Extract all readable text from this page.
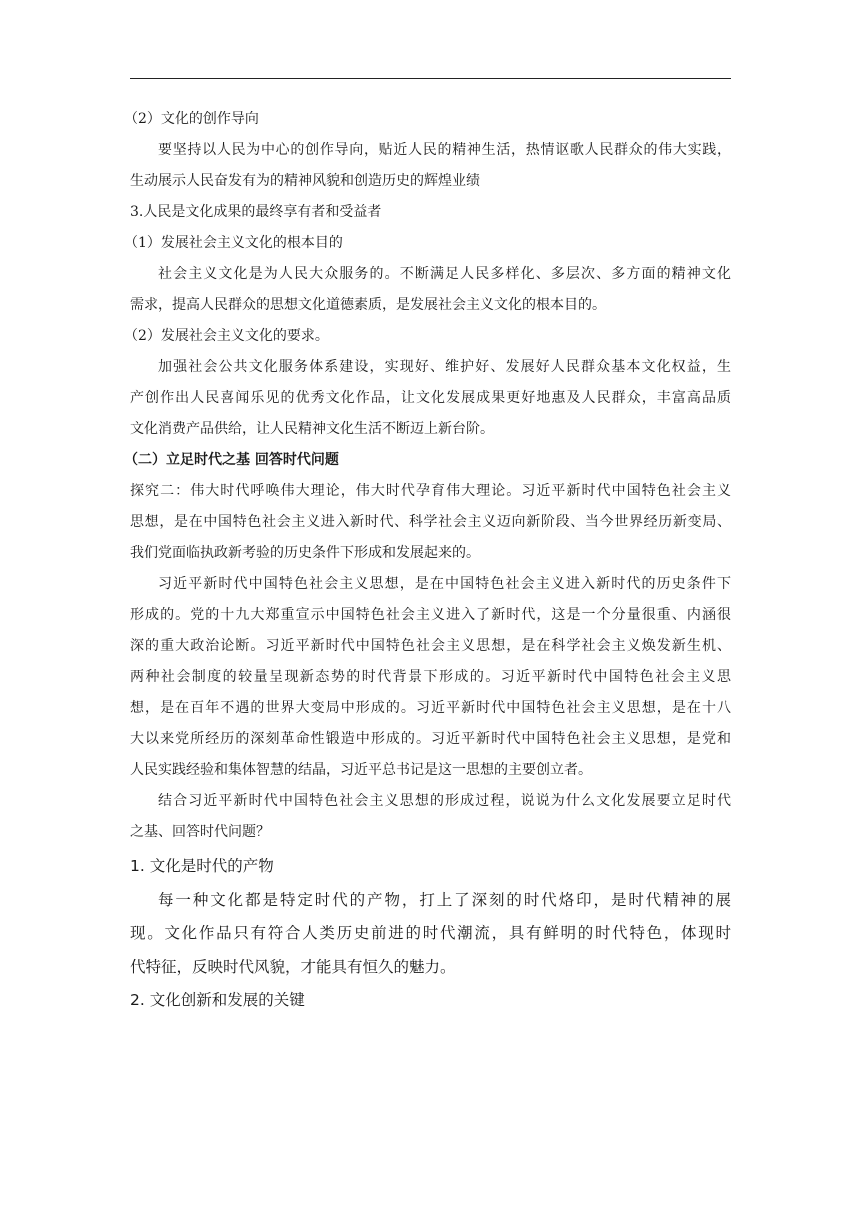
（2）文化的创作导向
要坚持以人民为中心的创作导向，贴近人民的精神生活，热情讴歌人民群众的伟大实践，
生动展示人民奋发有为的精神风貌和创造历史的辉煌业绩
3.人民是文化成果的最终享有者和受益者
（1）发展社会主义文化的根本目的
社会主义文化是为人民大众服务的。不断满足人民多样化、多层次、多方面的精神文化
需求，提高人民群众的思想文化道德素质，是发展社会主义文化的根本目的。
（2）发展社会主义文化的要求。
加强社会公共文化服务体系建设，实现好、维护好、发展好人民群众基本文化权益，生
产创作出人民喜闻乐见的优秀文化作品，让文化发展成果更好地惠及人民群众，丰富高品质
文化消费产品供给，让人民精神文化生活不断迈上新台阶。
（二）立足时代之基 回答时代问题
探究二：伟大时代呼唤伟大理论，伟大时代孕育伟大理论。习近平新时代中国特色社会主义
思想，是在中国特色社会主义进入新时代、科学社会主义迈向新阶段、当今世界经历新变局、
我们党面临执政新考验的历史条件下形成和发展起来的。
习近平新时代中国特色社会主义思想，是在中国特色社会主义进入新时代的历史条件下
形成的。党的十九大郑重宣示中国特色社会主义进入了新时代，这是一个分量很重、内涵很
深的重大政治论断。习近平新时代中国特色社会主义思想，是在科学社会主义焕发新生机、
两种社会制度的较量呈现新态势的时代背景下形成的。习近平新时代中国特色社会主义思
想，是在百年不遇的世界大变局中形成的。习近平新时代中国特色社会主义思想，是在十八
大以来党所经历的深刻革命性锻造中形成的。习近平新时代中国特色社会主义思想，是党和
人民实践经验和集体智慧的结晶，习近平总书记是这一思想的主要创立者。
结合习近平新时代中国特色社会主义思想的形成过程，说说为什么文化发展要立足时代
之基、回答时代问题？
1. 文化是时代的产物
每一种文化都是特定时代的产物，打上了深刻的时代烙印，是时代精神的展
现。文化作品只有符合人类历史前进的时代潮流，具有鲜明的时代特色，体现时
代特征，反映时代风貌，才能具有恒久的魅力。
2. 文化创新和发展的关键
